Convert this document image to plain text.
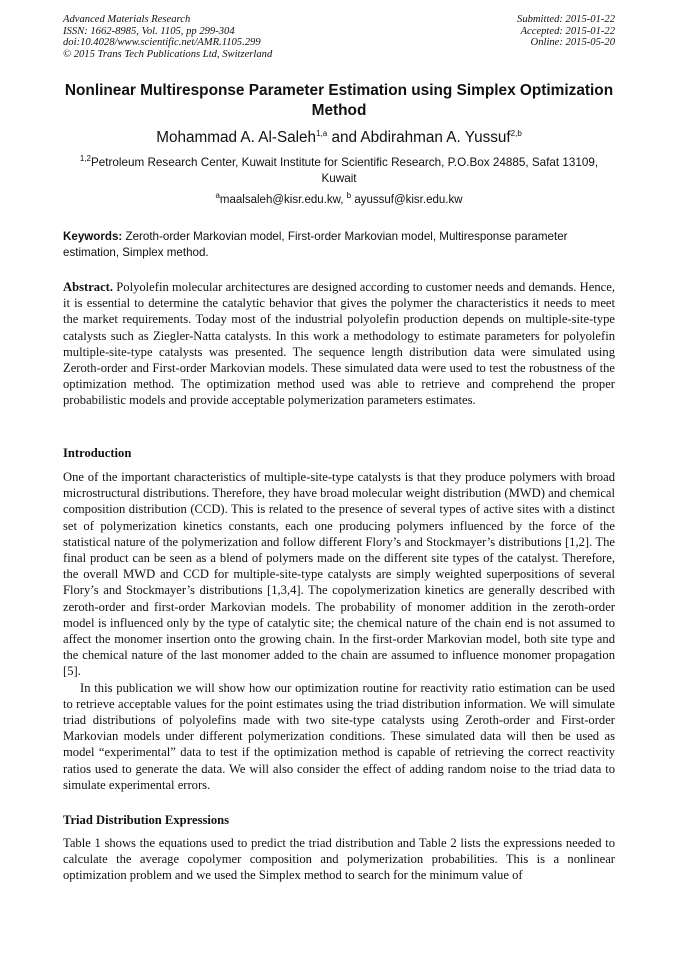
Advanced Materials Research
ISSN: 1662-8985, Vol. 1105, pp 299-304
doi:10.4028/www.scientific.net/AMR.1105.299
© 2015 Trans Tech Publications Ltd, Switzerland
Submitted: 2015-01-22
Accepted: 2015-01-22
Online: 2015-05-20
Nonlinear Multiresponse Parameter Estimation using Simplex Optimization Method
Mohammad A. Al-Saleh$^{1,a}$ and Abdirahman A. Yussuf$^{2,b}$
$^{1,2}$Petroleum Research Center, Kuwait Institute for Scientific Research, P.O.Box 24885, Safat 13109, Kuwait
$^a$maalsaleh@kisr.edu.kw, $^b$ ayussuf@kisr.edu.kw
Keywords: Zeroth-order Markovian model, First-order Markovian model, Multiresponse parameter estimation, Simplex method.
Abstract. Polyolefin molecular architectures are designed according to customer needs and demands. Hence, it is essential to determine the catalytic behavior that gives the polymer the characteristics it needs to meet the market requirements. Today most of the industrial polyolefin production depends on multiple-site-type catalysts such as Ziegler-Natta catalysts. In this work a methodology to estimate parameters for polyolefin multiple-site-type catalysts was presented. The sequence length distribution data were simulated using Zeroth-order and First-order Markovian models. These simulated data were used to test the robustness of the optimization method. The optimization method used was able to retrieve and comprehend the proper probabilistic models and provide acceptable polymerization parameters estimates.
Introduction

One of the important characteristics of multiple-site-type catalysts is that they produce polymers with broad microstructural distributions. Therefore, they have broad molecular weight distribution (MWD) and chemical composition distribution (CCD). This is related to the presence of several types of active sites with a distinct set of polymerization kinetics constants, each one producing polymers influenced by the force of the statistical nature of the polymerization and follow different Flory’s and Stockmayer’s distributions [1,2]. The final product can be seen as a blend of polymers made on the different site types of the catalyst. Therefore, the overall MWD and CCD for multiple-site-type catalysts are simply weighted superpositions of several Flory’s and Stockmayer’s distributions [1,3,4]. The copolymerization kinetics are generally described with zeroth-order and first-order Markovian models. The probability of monomer addition in the zeroth-order model is influenced only by the type of catalytic site; the chemical nature of the chain end is not assumed to affect the monomer insertion onto the growing chain. In the first-order Markovian model, both site type and the chemical nature of the last monomer added to the chain are assumed to influence monomer propagation [5].

In this publication we will show how our optimization routine for reactivity ratio estimation can be used to retrieve acceptable values for the point estimates using the triad distribution information. We will simulate triad distributions of polyolefins made with two site-type catalysts using Zeroth-order and First-order Markovian models under different polymerization conditions. These simulated data will then be used as model “experimental” data to test if the optimization method is capable of retrieving the correct reactivity ratios used to generate the data. We will also consider the effect of adding random noise to the triad data to simulate experimental errors.

Triad Distribution Expressions
Table 1 shows the equations used to predict the triad distribution and Table 2 lists the expressions needed to calculate the average copolymer composition and polymerization probabilities. This is a nonlinear optimization problem and we used the Simplex method to search for the minimum value of
